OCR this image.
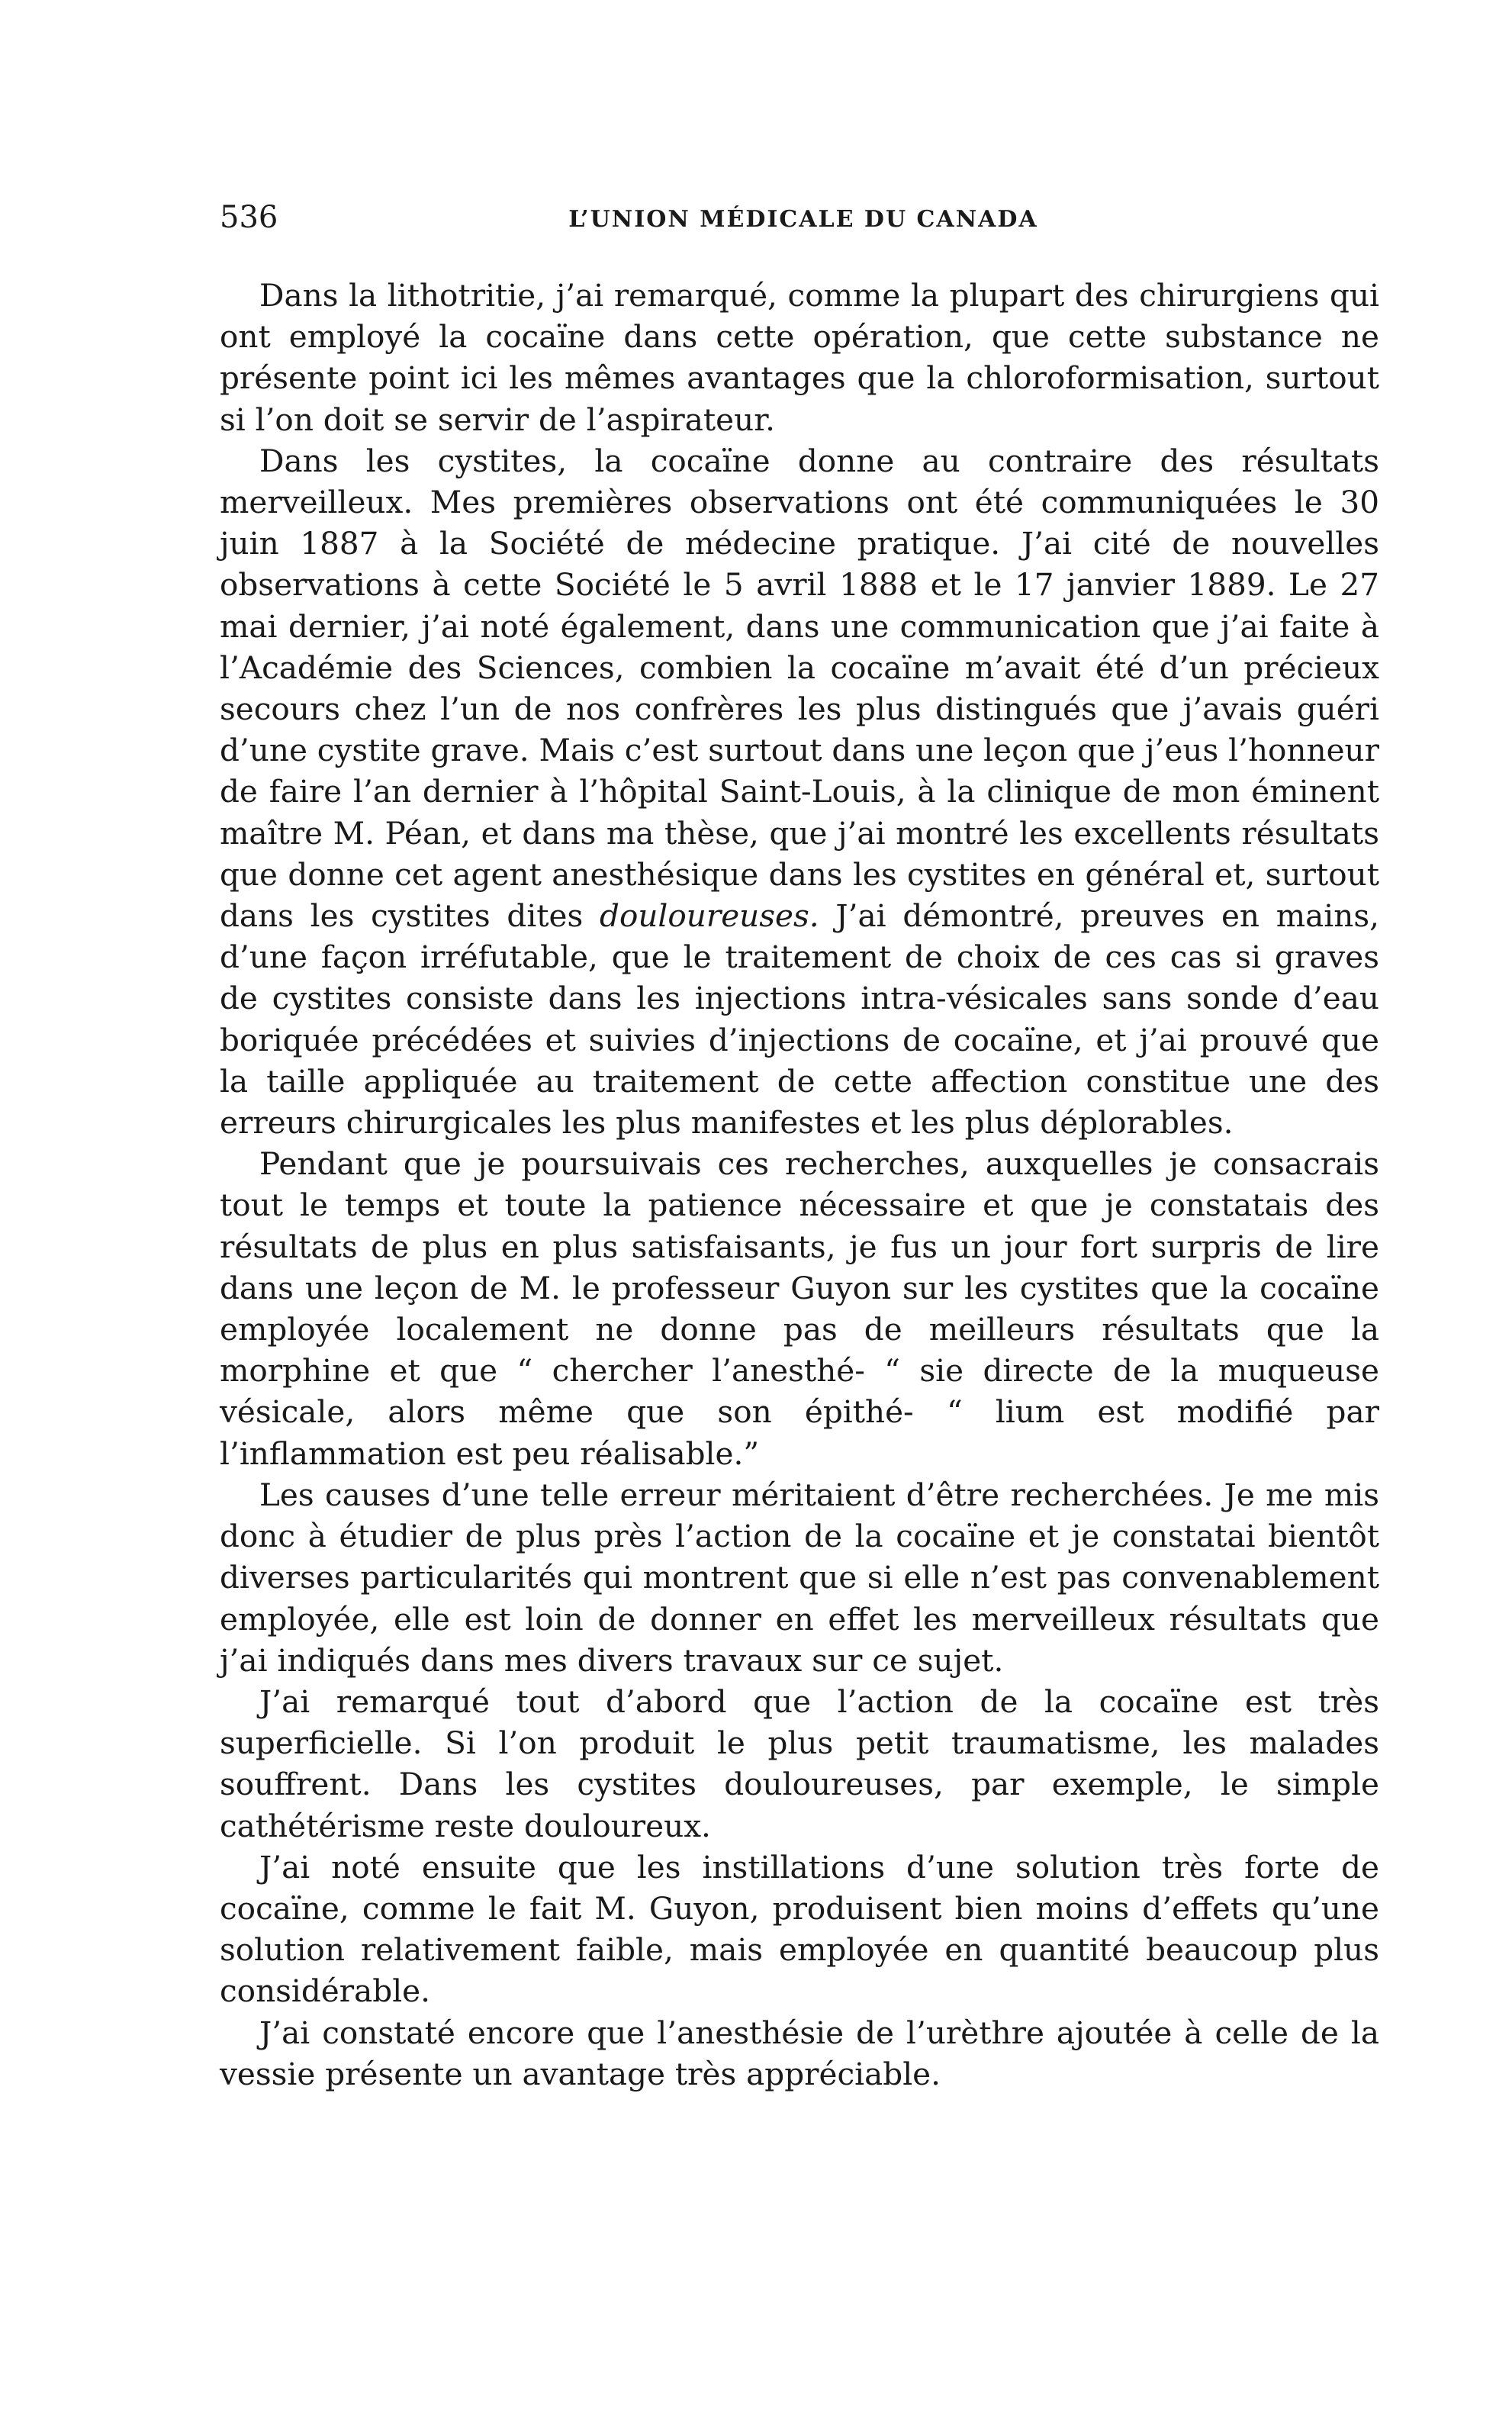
536	L’UNION MÉDICALE DU CANADA

Dans la lithotritie, j’ai remarqué, comme la plupart des chirurgiens qui ont employé la cocaïne dans cette opération, que cette substance ne présente point ici les mêmes avantages que la chloroformisation, surtout si l’on doit se servir de l’aspirateur.

Dans les cystites, la cocaïne donne au contraire des résultats merveilleux. Mes premières observations ont été communiquées le 30 juin 1887 à la Société de médecine pratique. J’ai cité de nouvelles observations à cette Société le 5 avril 1888 et le 17 janvier 1889. Le 27 mai dernier, j’ai noté également, dans une communication que j’ai faite à l’Académie des Sciences, combien la cocaïne m’avait été d’un précieux secours chez l’un de nos confrères les plus distingués que j’avais guéri d’une cystite grave. Mais c’est surtout dans une leçon que j’eus l’honneur de faire l’an dernier à l’hôpital Saint-Louis, à la clinique de mon éminent maître M. Péan, et dans ma thèse, que j’ai montré les excellents résultats que donne cet agent anesthésique dans les cystites en général et, surtout dans les cystites dites douloureuses. J’ai démontré, preuves en mains, d’une façon irréfutable, que le traitement de choix de ces cas si graves de cystites consiste dans les injections intra-vésicales sans sonde d’eau boriquée précédées et suivies d’injections de cocaïne, et j’ai prouvé que la taille appliquée au traitement de cette affection constitue une des erreurs chirurgicales les plus manifestes et les plus déplorables.

Pendant que je poursuivais ces recherches, auxquelles je consacrais tout le temps et toute la patience nécessaire et que je constatais des résultats de plus en plus satisfaisants, je fus un jour fort surpris de lire dans une leçon de M. le professeur Guyon sur les cystites que la cocaïne employée localement ne donne pas de meilleurs résultats que la morphine et que “ chercher l’anesthé- “ sie directe de la muqueuse vésicale, alors même que son épithé- “ lium est modifié par l’inflammation est peu réalisable.”

Les causes d’une telle erreur méritaient d’être recherchées. Je me mis donc à étudier de plus près l’action de la cocaïne et je constatai bientôt diverses particularités qui montrent que si elle n’est pas convenablement employée, elle est loin de donner en effet les merveilleux résultats que j’ai indiqués dans mes divers travaux sur ce sujet.

J’ai remarqué tout d’abord que l’action de la cocaïne est très superficielle. Si l’on produit le plus petit traumatisme, les malades souffrent. Dans les cystites douloureuses, par exemple, le simple cathétérisme reste douloureux.

J’ai noté ensuite que les instillations d’une solution très forte de cocaïne, comme le fait M. Guyon, produisent bien moins d’effets qu’une solution relativement faible, mais employée en quantité beaucoup plus considérable.

J’ai constaté encore que l’anesthésie de l’urèthre ajoutée à celle de la vessie présente un avantage très appréciable.
